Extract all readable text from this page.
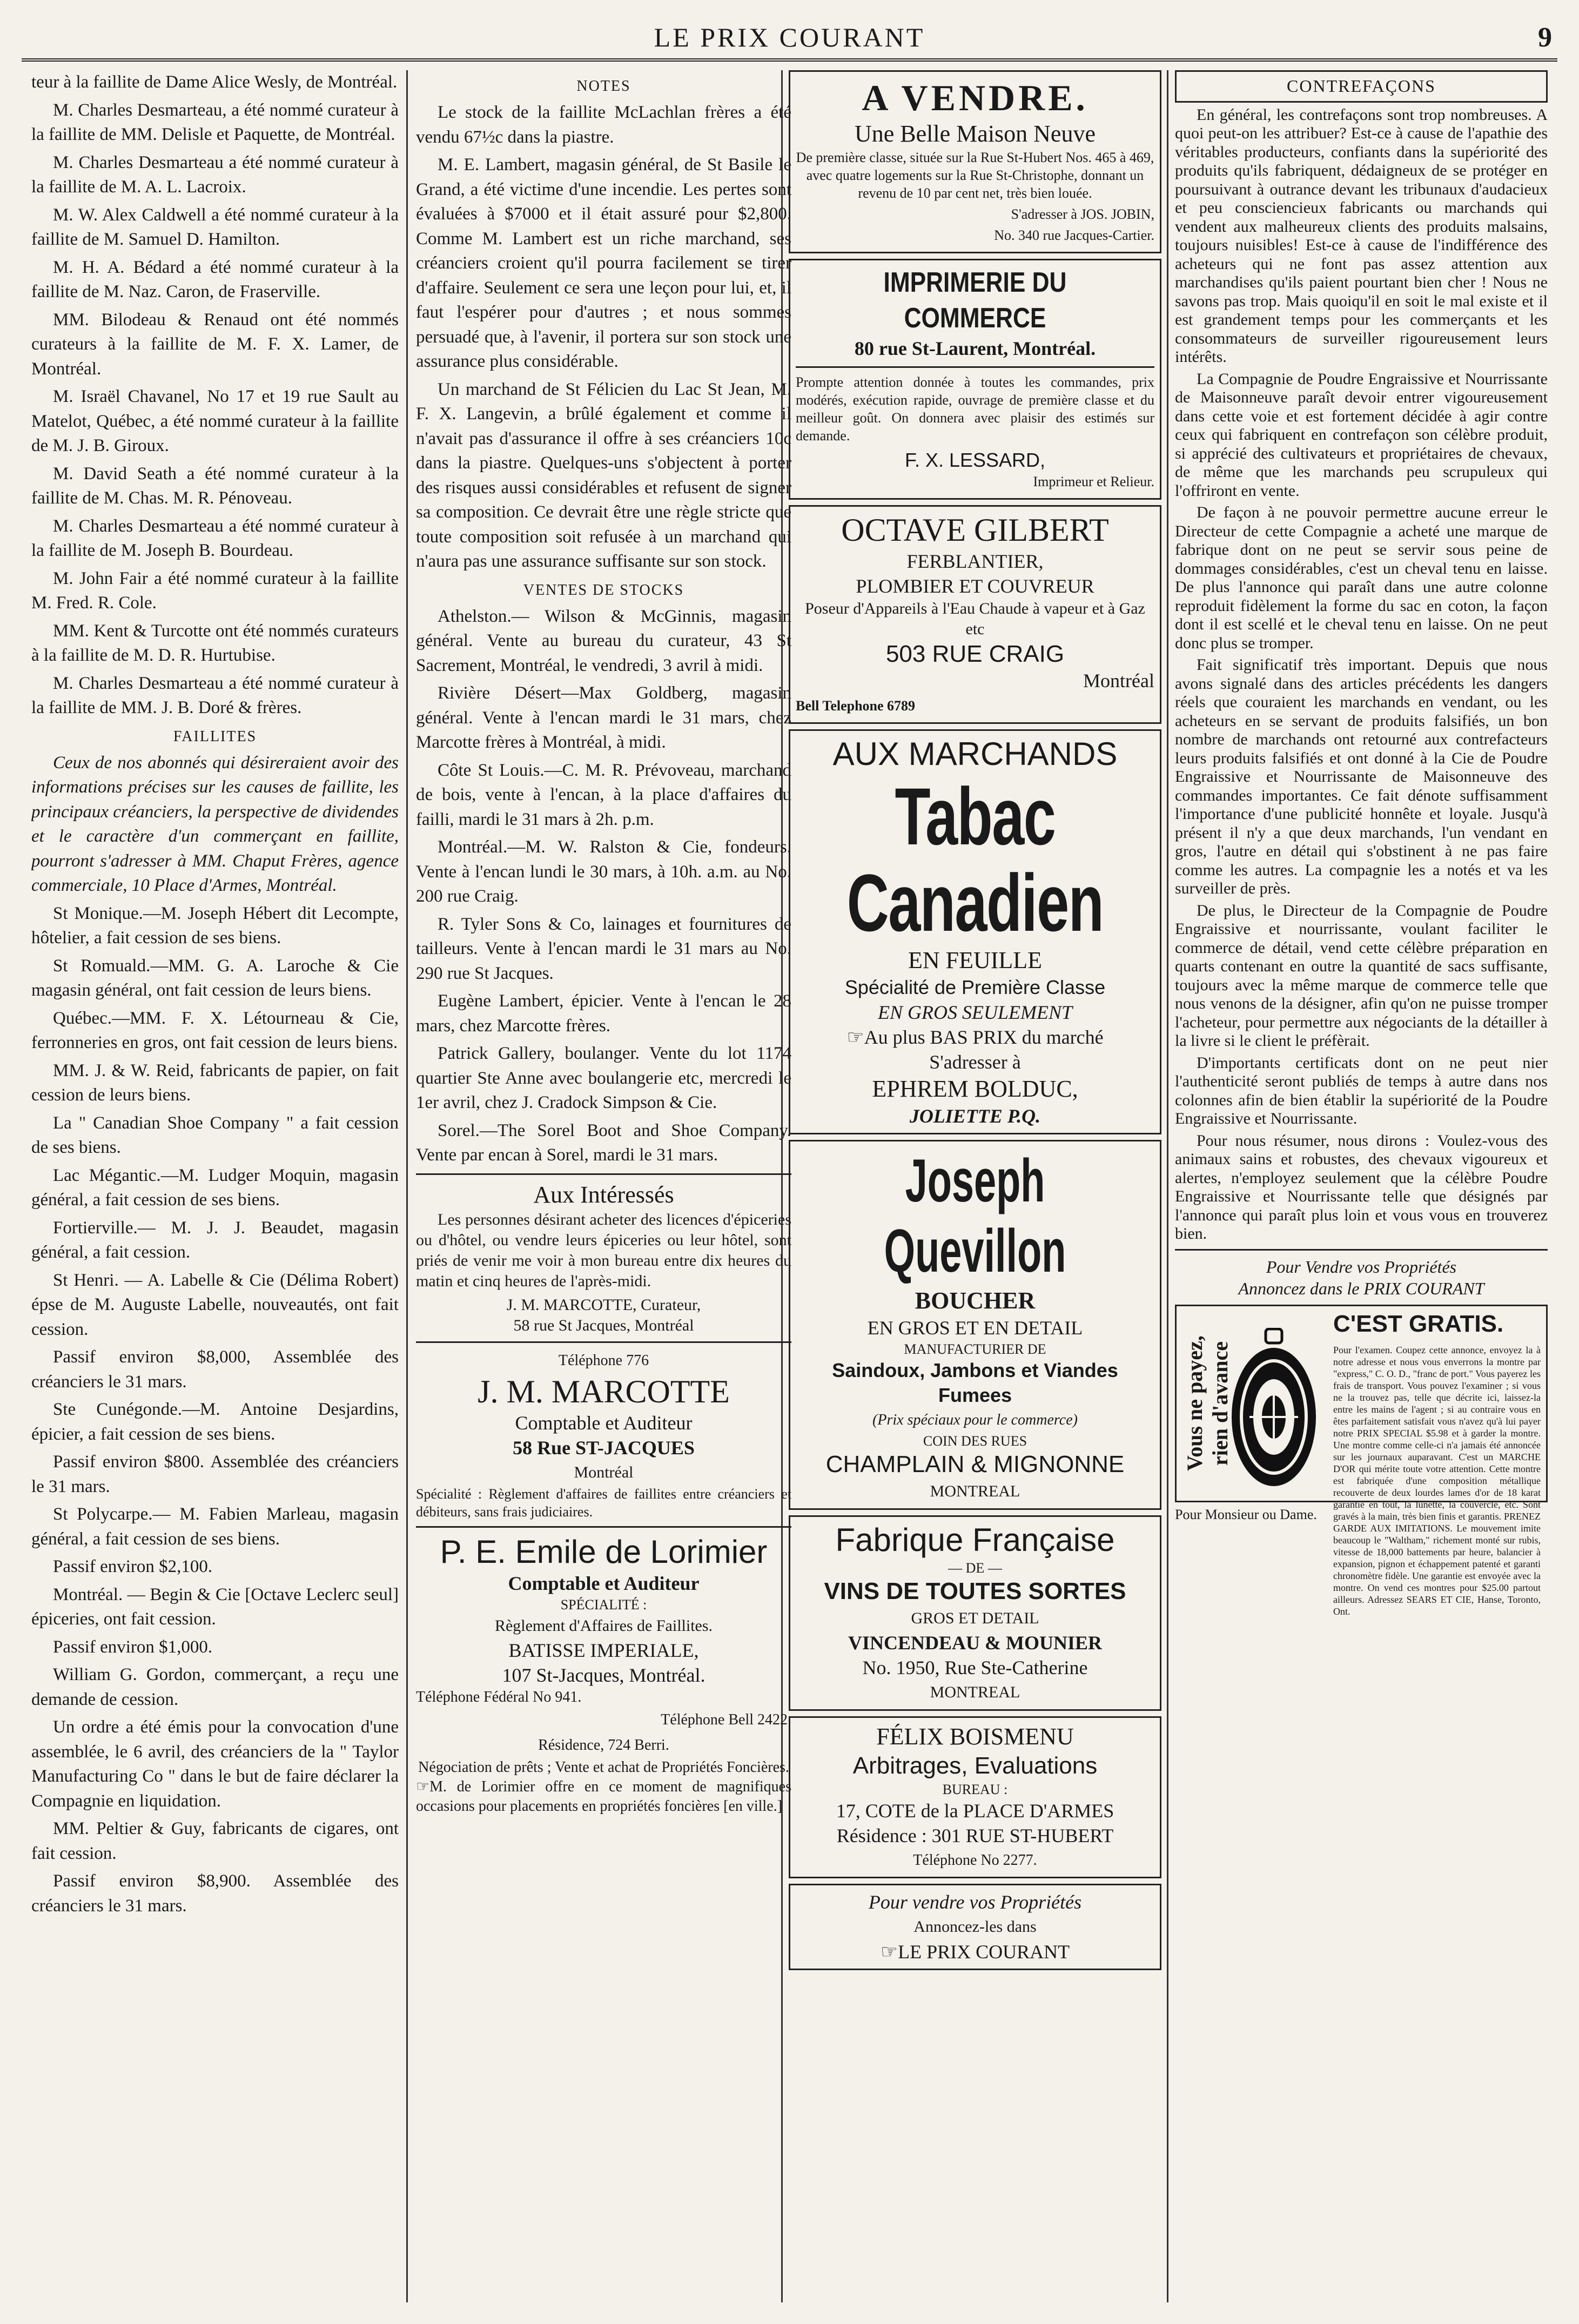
LE PRIX COURANT	9

teur à la faillite de Dame Alice Wesly, de Montréal.

M. Charles Desmarteau, a été nommé curateur à la faillite de MM. Delisle et Paquette, de Montréal.

M. Charles Desmarteau a été nommé curateur à la faillite de M. A. L. Lacroix.

M. W. Alex Caldwell a été nommé curateur à la faillite de M. Samuel D. Hamilton.

M. H. A. Bédard a été nommé curateur à la faillite de M. Naz. Caron, de Fraserville.

MM. Bilodeau & Renaud ont été nommés curateurs à la faillite de M. F. X. Lamer, de Montréal.

M. Israël Chavanel, No 17 et 19 rue Sault au Matelot, Québec, a été nommé curateur à la faillite de M. J. B. Giroux.

M. David Seath a été nommé curateur à la faillite de M. Chas. M. R. Pénoveau.

M. Charles Desmarteau a été nommé curateur à la faillite de M. Joseph B. Bourdeau.

M. John Fair a été nommé curateur à la faillite M. Fred. R. Cole.

MM. Kent & Turcotte ont été nommés curateurs à la faillite de M. D. R. Hurtubise.

M. Charles Desmarteau a été nommé curateur à la faillite de MM. J. B. Doré & frères.

FAILLITES

Ceux de nos abonnés qui désireraient avoir des informations précises sur les causes de faillite, les principaux créanciers, la perspective de dividendes et le caractère d'un commerçant en faillite, pourront s'adresser à MM. Chaput Frères, agence commerciale, 10 Place d'Armes, Montréal.

St Monique.—M. Joseph Hébert dit Lecompte, hôtelier, a fait cession de ses biens.

St Romuald.—MM. G. A. Laroche & Cie magasin général, ont fait cession de leurs biens.

Québec.—MM. F. X. Létourneau & Cie, ferronneries en gros, ont fait cession de leurs biens.

MM. J. & W. Reid, fabricants de papier, on fait cession de leurs biens.

La " Canadian Shoe Company " a fait cession de ses biens.

Lac Mégantic.—M. Ludger Moquin, magasin général, a fait cession de ses biens.

Fortierville.— M. J. J. Beaudet, magasin général, a fait cession.

St Henri. — A. Labelle & Cie (Délima Robert) épse de M. Auguste Labelle, nouveautés, ont fait cession.

Passif environ $8,000, Assemblée des créanciers le 31 mars.

Ste Cunégonde.—M. Antoine Desjardins, épicier, a fait cession de ses biens.

Passif environ $800. Assemblée des créanciers le 31 mars.

St Polycarpe.— M. Fabien Marleau, magasin général, a fait cession de ses biens.

Passif environ $2,100.

Montréal. — Begin & Cie [Octave Leclerc seul] épiceries, ont fait cession.

Passif environ $1,000.

William G. Gordon, commerçant, a reçu une demande de cession.

Un ordre a été émis pour la convocation d'une assemblée, le 6 avril, des créanciers de la " Taylor Manufacturing Co " dans le but de faire déclarer la Compagnie en liquidation.

MM. Peltier & Guy, fabricants de cigares, ont fait cession.

Passif environ $8,900. Assemblée des créanciers le 31 mars.

NOTES

Le stock de la faillite McLachlan frères a été vendu 67½c dans la piastre.

M. E. Lambert, magasin général, de St Basile le Grand, a été victime d'une incendie. Les pertes sont évaluées à $7000 et il était assuré pour $2,800. Comme M. Lambert est un riche marchand, ses créanciers croient qu'il pourra facilement se tirer d'affaire. Seulement ce sera une leçon pour lui, et, il faut l'espérer pour d'autres ; et nous sommes persuadé que, à l'avenir, il portera sur son stock une assurance plus considérable.

Un marchand de St Félicien du Lac St Jean, M. F. X. Langevin, a brûlé également et comme il n'avait pas d'assurance il offre à ses créanciers 10c dans la piastre. Quelques-uns s'objectent à porter des risques aussi considérables et refusent de signer sa composition. Ce devrait être une règle stricte que toute composition soit refusée à un marchand qui n'aura pas une assurance suffisante sur son stock.

VENTES DE STOCKS

Athelston.— Wilson & McGinnis, magasin général. Vente au bureau du curateur, 43 St Sacrement, Montréal, le vendredi, 3 avril à midi.

Rivière Désert—Max Goldberg, magasin général. Vente à l'encan mardi le 31 mars, chez Marcotte frères à Montréal, à midi.

Côte St Louis.—C. M. R. Prévoveau, marchand de bois, vente à l'encan, à la place d'affaires du failli, mardi le 31 mars à 2h. p.m.

Montréal.—M. W. Ralston & Cie, fondeurs. Vente à l'encan lundi le 30 mars, à 10h. a.m. au No. 200 rue Craig.

R. Tyler Sons & Co, lainages et fournitures de tailleurs. Vente à l'encan mardi le 31 mars au No. 290 rue St Jacques.

Eugène Lambert, épicier. Vente à l'encan le 28 mars, chez Marcotte frères.

Patrick Gallery, boulanger. Vente du lot 1174 quartier Ste Anne avec boulangerie etc, mercredi le 1er avril, chez J. Cradock Simpson & Cie.

Sorel.—The Sorel Boot and Shoe Company. Vente par encan à Sorel, mardi le 31 mars.

Aux Intéressés

Les personnes désirant acheter des licences d'épiceries ou d'hôtel, ou vendre leurs épiceries ou leur hôtel, sont priés de venir me voir à mon bureau entre dix heures du matin et cinq heures de l'après-midi.

J. M. MARCOTTE, Curateur,

58 rue St Jacques, Montréal

Téléphone 776

J. M. MARCOTTE

Comptable et Auditeur

58 Rue ST-JACQUES

Montréal

Spécialité : Règlement d'affaires de faillites entre créanciers et débiteurs, sans frais judiciaires.

P. E. Emile de Lorimier

Comptable et Auditeur

SPÉCIALITÉ :

Règlement d'Affaires de Faillites.

BATISSE IMPERIALE,

107 St-Jacques, Montréal.

Téléphone Fédéral No 941.

Téléphone Bell 2422.

Résidence, 724 Berri.

Négociation de prêts ; Vente et achat de Propriétés Foncières.

☞M. de Lorimier offre en ce moment de magnifiques occasions pour placements en propriétés foncières [en ville.]

A VENDRE.

Une Belle Maison Neuve

De première classe, située sur la Rue St-Hubert Nos. 465 à 469, avec quatre logements sur la Rue St-Christophe, donnant un revenu de 10 par cent net, très bien louée.

S'adresser à JOS. JOBIN,

No. 340 rue Jacques-Cartier.

IMPRIMERIE DU COMMERCE

80 rue St-Laurent, Montréal.

Prompte attention donnée à toutes les commandes, prix modérés, exécution rapide, ouvrage de première classe et du meilleur goût. On donnera avec plaisir des estimés sur demande.

F. X. LESSARD,

Imprimeur et Relieur.

OCTAVE GILBERT

FERBLANTIER,

PLOMBIER ET COUVREUR

Poseur d'Appareils à l'Eau Chaude à vapeur et à Gaz etc

503 RUE CRAIG

Montréal

Bell Telephone 6789

AUX MARCHANDS

Tabac Canadien

EN FEUILLE

Spécialité de Première Classe

EN GROS SEULEMENT

☞Au plus BAS PRIX du marché

S'adresser à

EPHREM BOLDUC,

JOLIETTE P.Q.

Joseph Quevillon

BOUCHER

EN GROS ET EN DETAIL

MANUFACTURIER DE

Saindoux, Jambons et Viandes Fumees

(Prix spéciaux pour le commerce)

COIN DES RUES

CHAMPLAIN & MIGNONNE

MONTREAL

Fabrique Française

— DE —

VINS DE TOUTES SORTES

GROS ET DETAIL

VINCENDEAU & MOUNIER

No. 1950, Rue Ste-Catherine

MONTREAL

FÉLIX BOISMENU

Arbitrages, Evaluations

BUREAU :

17, COTE de la PLACE D'ARMES

Résidence : 301 RUE ST-HUBERT

Téléphone No 2277.

Pour vendre vos Propriétés

Annoncez-les dans

☞LE PRIX COURANT

CONTREFAÇONS

En général, les contrefaçons sont trop nombreuses. A quoi peut-on les attribuer? Est-ce à cause de l'apathie des véritables producteurs, confiants dans la supériorité des produits qu'ils fabriquent, dédaigneux de se protéger en poursuivant à outrance devant les tribunaux d'audacieux et peu consciencieux fabricants ou marchands qui vendent aux malheureux clients des produits malsains, toujours nuisibles! Est-ce à cause de l'indifférence des acheteurs qui ne font pas assez attention aux marchandises qu'ils paient pourtant bien cher ! Nous ne savons pas trop. Mais quoiqu'il en soit le mal existe et il est grandement temps pour les commerçants et les consommateurs de surveiller rigoureusement leurs intérêts.

La Compagnie de Poudre Engraissive et Nourrissante de Maisonneuve paraît devoir entrer vigoureusement dans cette voie et est fortement décidée à agir contre ceux qui fabriquent en contrefaçon son célèbre produit, si apprécié des cultivateurs et propriétaires de chevaux, de même que les marchands peu scrupuleux qui l'offriront en vente.

De façon à ne pouvoir permettre aucune erreur le Directeur de cette Compagnie a acheté une marque de fabrique dont on ne peut se servir sous peine de dommages considérables, c'est un cheval tenu en laisse. De plus l'annonce qui paraît dans une autre colonne reproduit fidèlement la forme du sac en coton, la façon dont il est scellé et le cheval tenu en laisse. On ne peut donc plus se tromper.

Fait significatif très important. Depuis que nous avons signalé dans des articles précédents les dangers réels que couraient les marchands en vendant, ou les acheteurs en se servant de produits falsifiés, un bon nombre de marchands ont retourné aux contrefacteurs leurs produits falsifiés et ont donné à la Cie de Poudre Engraissive et Nourrissante de Maisonneuve des commandes importantes. Ce fait dénote suffisamment l'importance d'une publicité honnête et loyale. Jusqu'à présent il n'y a que deux marchands, l'un vendant en gros, l'autre en détail qui s'obstinent à ne pas faire comme les autres. La compagnie les a notés et va les surveiller de près.

De plus, le Directeur de la Compagnie de Poudre Engraissive et nourrissante, voulant faciliter le commerce de détail, vend cette célèbre préparation en quarts contenant en outre la quantité de sacs suffisante, toujours avec la même marque de commerce telle que nous venons de la désigner, afin qu'on ne puisse tromper l'acheteur, pour permettre aux négociants de la détailler à la livre si le client le préfèrait.

D'importants certificats dont on ne peut nier l'authenticité seront publiés de temps à autre dans nos colonnes afin de bien établir la supériorité de la Poudre Engraissive et Nourrissante.

Pour nous résumer, nous dirons : Voulez-vous des animaux sains et robustes, des chevaux vigoureux et alertes, n'employez seulement que la célèbre Poudre Engraissive et Nourrissante telle que désignés par l'annonce qui paraît plus loin et vous vous en trouverez bien.

Pour Vendre vos Propriétés

Annoncez dans le PRIX COURANT

Vous ne payez, rien d'avance
C'EST GRATIS.
Pour l'examen. Coupez cette annonce, envoyez la à notre adresse et nous vous enverrons la montre par "express," C. O. D., "franc de port." Vous payerez les frais de transport. Vous pouvez l'examiner ; si vous ne la trouvez pas, telle que décrite ici, laissez-la entre les mains de l'agent ; si au contraire vous en êtes parfaitement satisfait vous n'avez qu'à lui payer notre PRIX SPECIAL $5.98 et à garder la montre. Une montre comme celle-ci n'a jamais été annoncée sur les journaux auparavant. C'est un MARCHE D'OR qui mérite toute votre attention. Cette montre est fabriquée d'une composition métallique recouverte de deux lourdes lames d'or de 18 karat garantie en tout, la lunette, la couvercle, etc. Sont gravés à la main, très bien finis et garantis. PRENEZ GARDE AUX IMITATIONS. Le mouvement imite beaucoup le "Waltham," richement monté sur rubis, vitesse de 18,000 battements par heure, balancier à expansion, pignon et échappement patenté et garanti chronomètre fidèle. Une garantie est envoyée avec la montre. On vend ces montres pour $25.00 partout ailleurs. Adressez SEARS ET CIE, Hanse, Toronto, Ont.

Pour Monsieur ou Dame.
